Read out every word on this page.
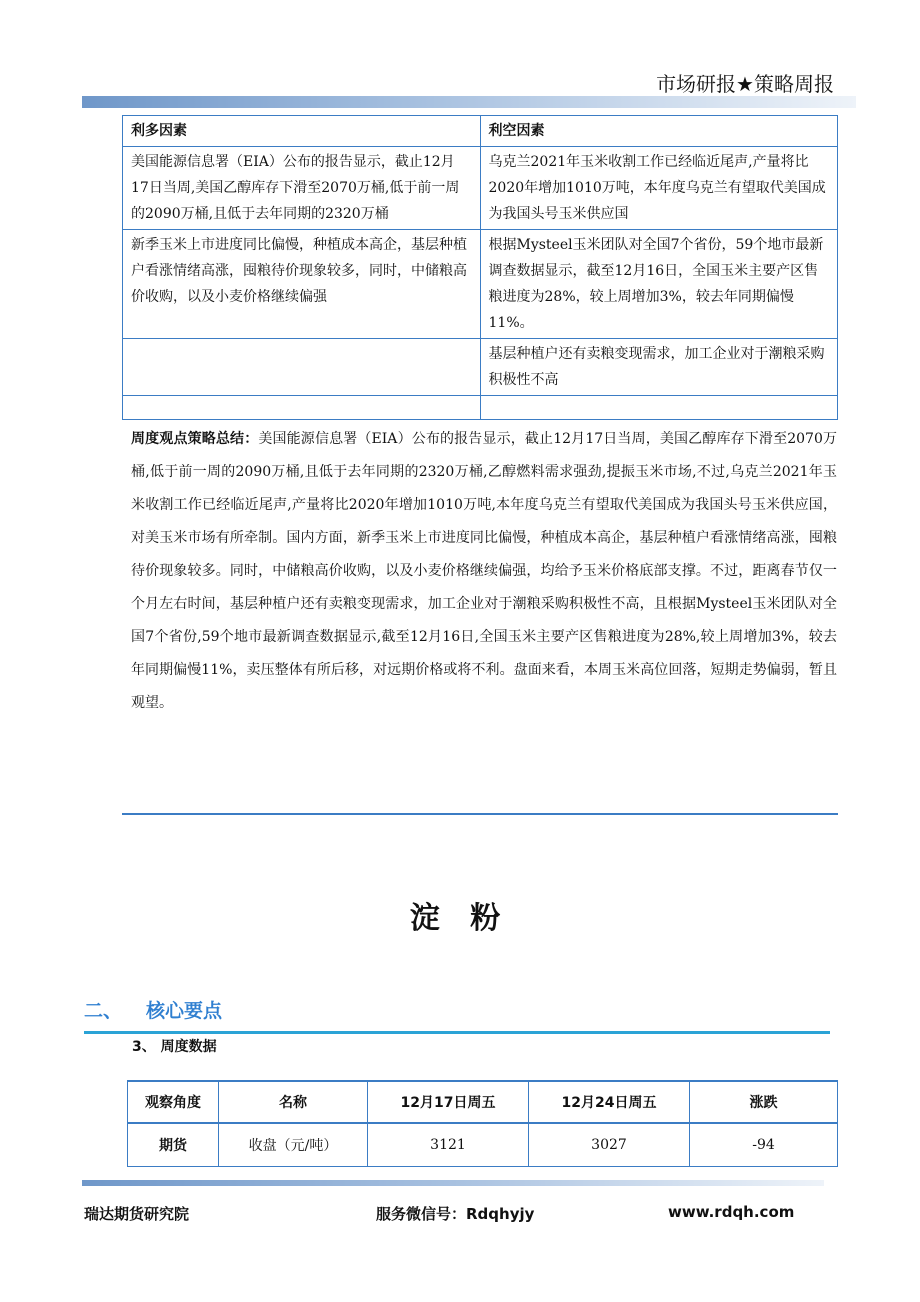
市场研报★策略周报
利多因素	利空因素
美国能源信息署（EIA）公布的报告显示，截止12月17日当周,美国乙醇库存下滑至2070万桶,低于前一周的2090万桶,且低于去年同期的2320万桶	乌克兰2021年玉米收割工作已经临近尾声,产量将比2020年增加1010万吨，本年度乌克兰有望取代美国成为我国头号玉米供应国
新季玉米上市进度同比偏慢，种植成本高企，基层种植户看涨情绪高涨，囤粮待价现象较多，同时，中储粮高价收购，以及小麦价格继续偏强	根据Mysteel玉米团队对全国7个省份，59个地市最新调查数据显示，截至12月16日，全国玉米主要产区售粮进度为28%，较上周增加3%，较去年同期偏慢11%。
	基层种植户还有卖粮变现需求，加工企业对于潮粮采购积极性不高

周度观点策略总结：美国能源信息署（EIA）公布的报告显示，截止12月17日当周，美国乙醇库存下滑至2070万桶,低于前一周的2090万桶,且低于去年同期的2320万桶,乙醇燃料需求强劲,提振玉米市场,不过,乌克兰2021年玉米收割工作已经临近尾声,产量将比2020年增加1010万吨,本年度乌克兰有望取代美国成为我国头号玉米供应国，对美玉米市场有所牵制。国内方面，新季玉米上市进度同比偏慢，种植成本高企，基层种植户看涨情绪高涨，囤粮待价现象较多。同时，中储粮高价收购，以及小麦价格继续偏强，均给予玉米价格底部支撑。不过，距离春节仅一个月左右时间，基层种植户还有卖粮变现需求，加工企业对于潮粮采购积极性不高，且根据Mysteel玉米团队对全国7个省份,59个地市最新调查数据显示,截至12月16日,全国玉米主要产区售粮进度为28%,较上周增加3%，较去年同期偏慢11%，卖压整体有所后移，对远期价格或将不利。盘面来看，本周玉米高位回落，短期走势偏弱，暂且观望。
淀 粉
二、 核心要点
3、 周度数据
观察角度	名称	12月17日周五	12月24日周五	涨跌
期货	收盘（元/吨）	3121	3027	-94
瑞达期货研究院	服务微信号：Rdqhyjy	www.rdqh.com
